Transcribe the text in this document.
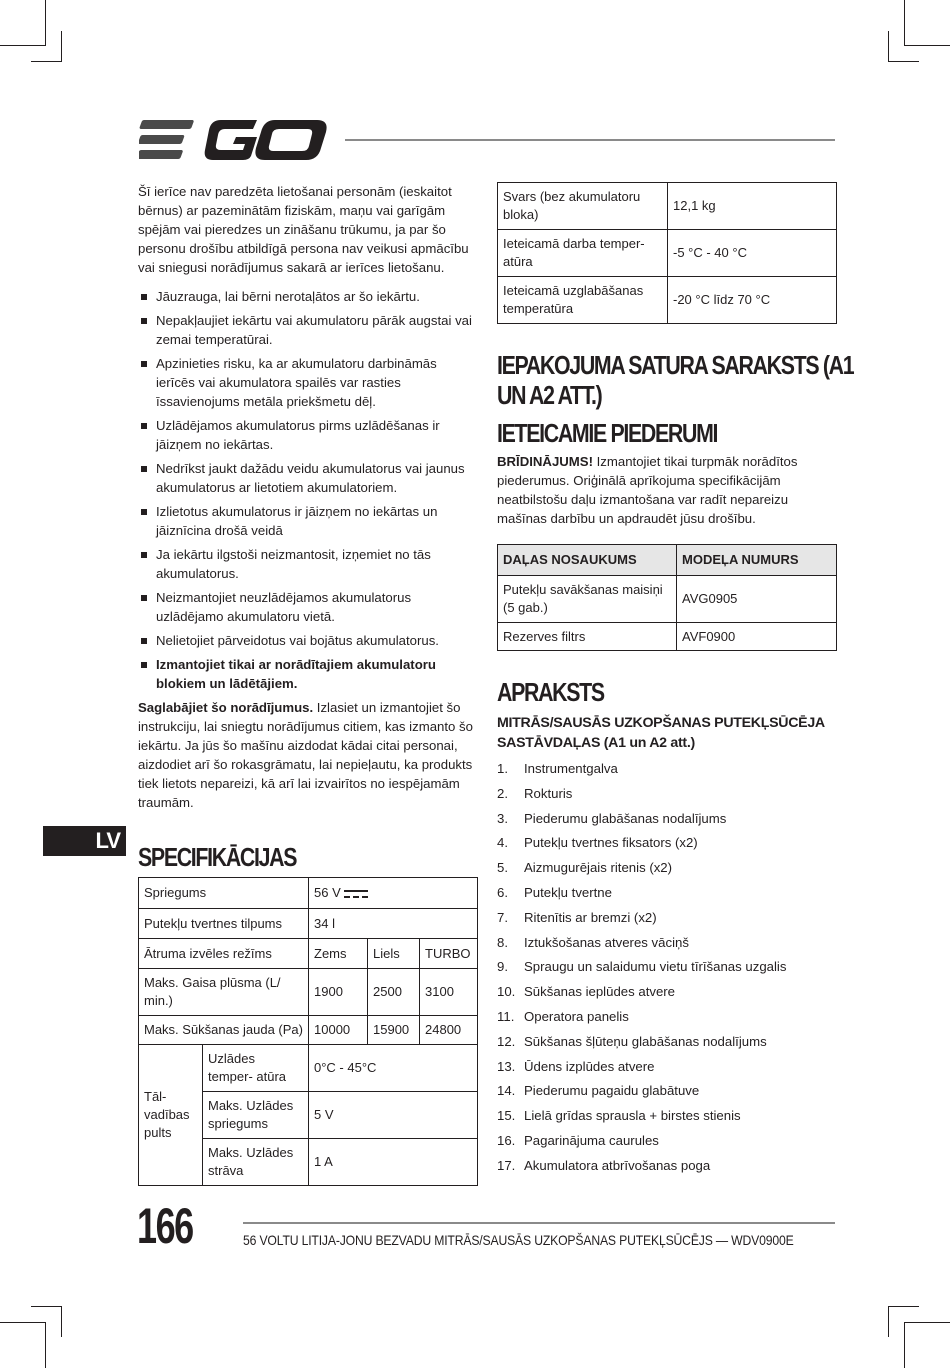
Šī ierīce nav paredzēta lietošanai personām (ieskaitot bērnus) ar pazeminātām fiziskām, maņu vai garīgām spējām vai pieredzes un zināšanu trūkumu, ja par šo personu drošību atbildīgā persona nav veikusi apmācību vai sniegusi norādījumus sakarā ar ierīces lietošanu.

Jāuzrauga, lai bērni nerotaļātos ar šo iekārtu.
Nepakļaujiet iekārtu vai akumulatoru pārāk augstai vai zemai temperatūrai.
Apzinieties risku, ka ar akumulatoru darbināmās ierīcēs vai akumulatora spailēs var rasties īssavienojums metāla priekšmetu dēļ.
Uzlādējamos akumulatorus pirms uzlādēšanas ir jāizņem no iekārtas.
Nedrīkst jaukt dažādu veidu akumulatorus vai jaunus akumulatorus ar lietotiem akumulatoriem.
Izlietotus akumulatorus ir jāizņem no iekārtas un jāiznīcina drošā veidā
Ja iekārtu ilgstoši neizmantosit, izņemiet no tās akumulatorus.
Neizmantojiet neuzlādējamos akumulatorus uzlādējamo akumulatoru vietā.
Nelietojiet pārveidotus vai bojātus akumulatorus.
Izmantojiet tikai ar norādītajiem akumulatoru blokiem un lādētājiem.

Saglabājiet šo norādījumus. Izlasiet un izmantojiet šo instrukciju, lai sniegtu norādījumus citiem, kas izmanto šo iekārtu. Ja jūs šo mašīnu aizdodat kādai citai personai, aizdodiet arī šo rokasgrāmatu, lai nepieļautu, ka produkts tiek lietots nepareizi, kā arī lai izvairītos no iespējamām traumām.

SPECIFIKĀCIJAS
Spriegums		56 V		

Putekļu tvertnes tilpums		34 l		
Ātruma izvēles režīms		Zems	Liels	TURBO
Maks. Gaisa plūsma (L/ min.)		1900	2500	3100
Maks. Sūkšanas jauda (Pa)		10000	15900	24800
Tāl- vadības pults	Uzlādes temper- atūra	0°C - 45°C		
	Maks. Uzlādes spriegums	5 V		
	Maks. Uzlādes strāva	1 A		
LV
Svars (bez akumulatoru bloka)	12,1 kg
Ieteicamā darba temper- atūra	-5 °C - 40 °C
Ieteicamā uzglabāšanas temperatūra	-20 °C līdz 70 °C
IEPAKOJUMA SATURA SARAKSTS (A1
UN A2 ATT.)
IETEICAMIE PIEDERUMI

BRĪDINĀJUMS! Izmantojiet tikai turpmāk norādītos piederumus. Oriģinālā aprīkojuma specifikācijām neatbilstošu daļu izmantošana var radīt nepareizu mašīnas darbību un apdraudēt jūsu drošību.

DAĻAS NOSAUKUMS	MODEĻA NUMURS
Putekļu savākšanas maisiņi (5 gab.)	AVG0905
Rezerves filtrs	AVF0900
APRAKSTS
MITRĀS/SAUSĀS UZKOPŠANAS PUTEKĻSŪCĒJA SASTĀVDAĻAS (A1 un A2 att.)
1.	Instrumentgalva
2.	Rokturis
3.	Piederumu glabāšanas nodalījums
4.	Putekļu tvertnes fiksators (x2)
5.	Aizmugurējais ritenis (x2)
6.	Putekļu tvertne
7.	Ritenītis ar bremzi (x2)
8.	Iztukšošanas atveres vāciņš
9.	Spraugu un salaidumu vietu tīrīšanas uzgalis
10. Sūkšanas ieplūdes atvere
11. Operatora panelis
12. Sūkšanas šļūteņu glabāšanas nodalījums
13. Ūdens izplūdes atvere
14. Piederumu pagaidu glabātuve
15. Lielā grīdas sprausla + birstes stienis
16. Pagarinājuma caurules
17. Akumulatora atbrīvošanas poga
166	56 VOLTU LITIJA-JONU BEZVADU MITRĀS/SAUSĀS UZKOPŠANAS PUTEKĻSŪCĒJS — WDV0900E
